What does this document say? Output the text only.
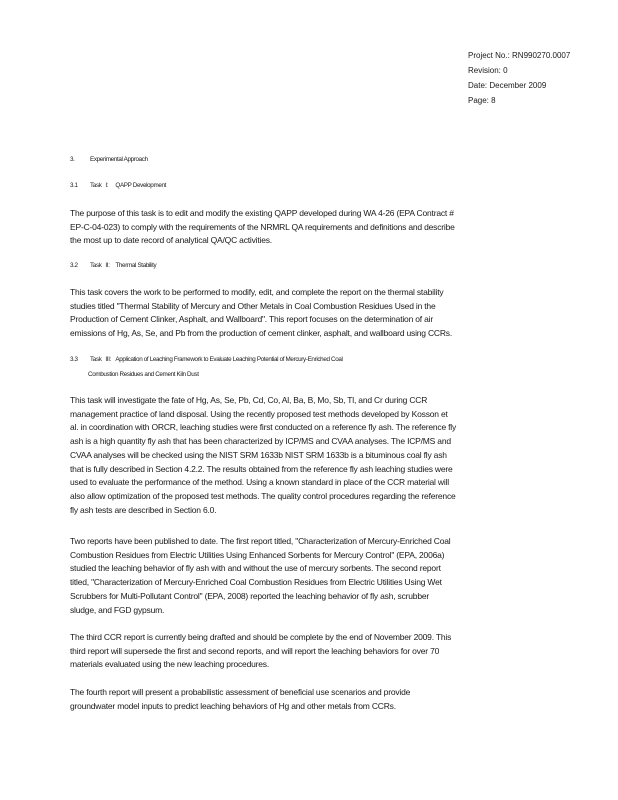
Project No.: RN990270.0007
Revision: 0
Date: December 2009
Page: 8
3. Experimental Approach
3.1 Task I: QAPP Development
The purpose of this task is to edit and modify the existing QAPP developed during WA 4-26 (EPA Contract #
EP-C-04-023) to comply with the requirements of the NRMRL QA requirements and definitions and describe
the most up to date record of analytical QA/QC activities.
3.2 Task II: Thermal Stability
This task covers the work to be performed to modify, edit, and complete the report on the thermal stability
studies titled "Thermal Stability of Mercury and Other Metals in Coal Combustion Residues Used in the
Production of Cement Clinker, Asphalt, and Wallboard". This report focuses on the determination of air
emissions of Hg, As, Se, and Pb from the production of cement clinker, asphalt, and wallboard using CCRs.
3.3 Task III: Application of Leaching Framework to Evaluate Leaching Potential of Mercury-Enriched Coal
Combustion Residues and Cement Kiln Dust
This task will investigate the fate of Hg, As, Se, Pb, Cd, Co, Al, Ba, B, Mo, Sb, Tl, and Cr during CCR
management practice of land disposal. Using the recently proposed test methods developed by Kosson et
al. in coordination with ORCR, leaching studies were first conducted on a reference fly ash. The reference fly
ash is a high quantity fly ash that has been characterized by ICP/MS and CVAA analyses. The ICP/MS and
CVAA analyses will be checked using the NIST SRM 1633b NIST SRM 1633b is a bituminous coal fly ash
that is fully described in Section 4.2.2. The results obtained from the reference fly ash leaching studies were
used to evaluate the performance of the method. Using a known standard in place of the CCR material will
also allow optimization of the proposed test methods. The quality control procedures regarding the reference
fly ash tests are described in Section 6.0.
Two reports have been published to date. The first report titled, "Characterization of Mercury-Enriched Coal
Combustion Residues from Electric Utilities Using Enhanced Sorbents for Mercury Control" (EPA, 2006a)
studied the leaching behavior of fly ash with and without the use of mercury sorbents. The second report
titled, "Characterization of Mercury-Enriched Coal Combustion Residues from Electric Utilities Using Wet
Scrubbers for Multi-Pollutant Control" (EPA, 2008) reported the leaching behavior of fly ash, scrubber
sludge, and FGD gypsum.
The third CCR report is currently being drafted and should be complete by the end of November 2009. This
third report will supersede the first and second reports, and will report the leaching behaviors for over 70
materials evaluated using the new leaching procedures.
The fourth report will present a probabilistic assessment of beneficial use scenarios and provide
groundwater model inputs to predict leaching behaviors of Hg and other metals from CCRs.
